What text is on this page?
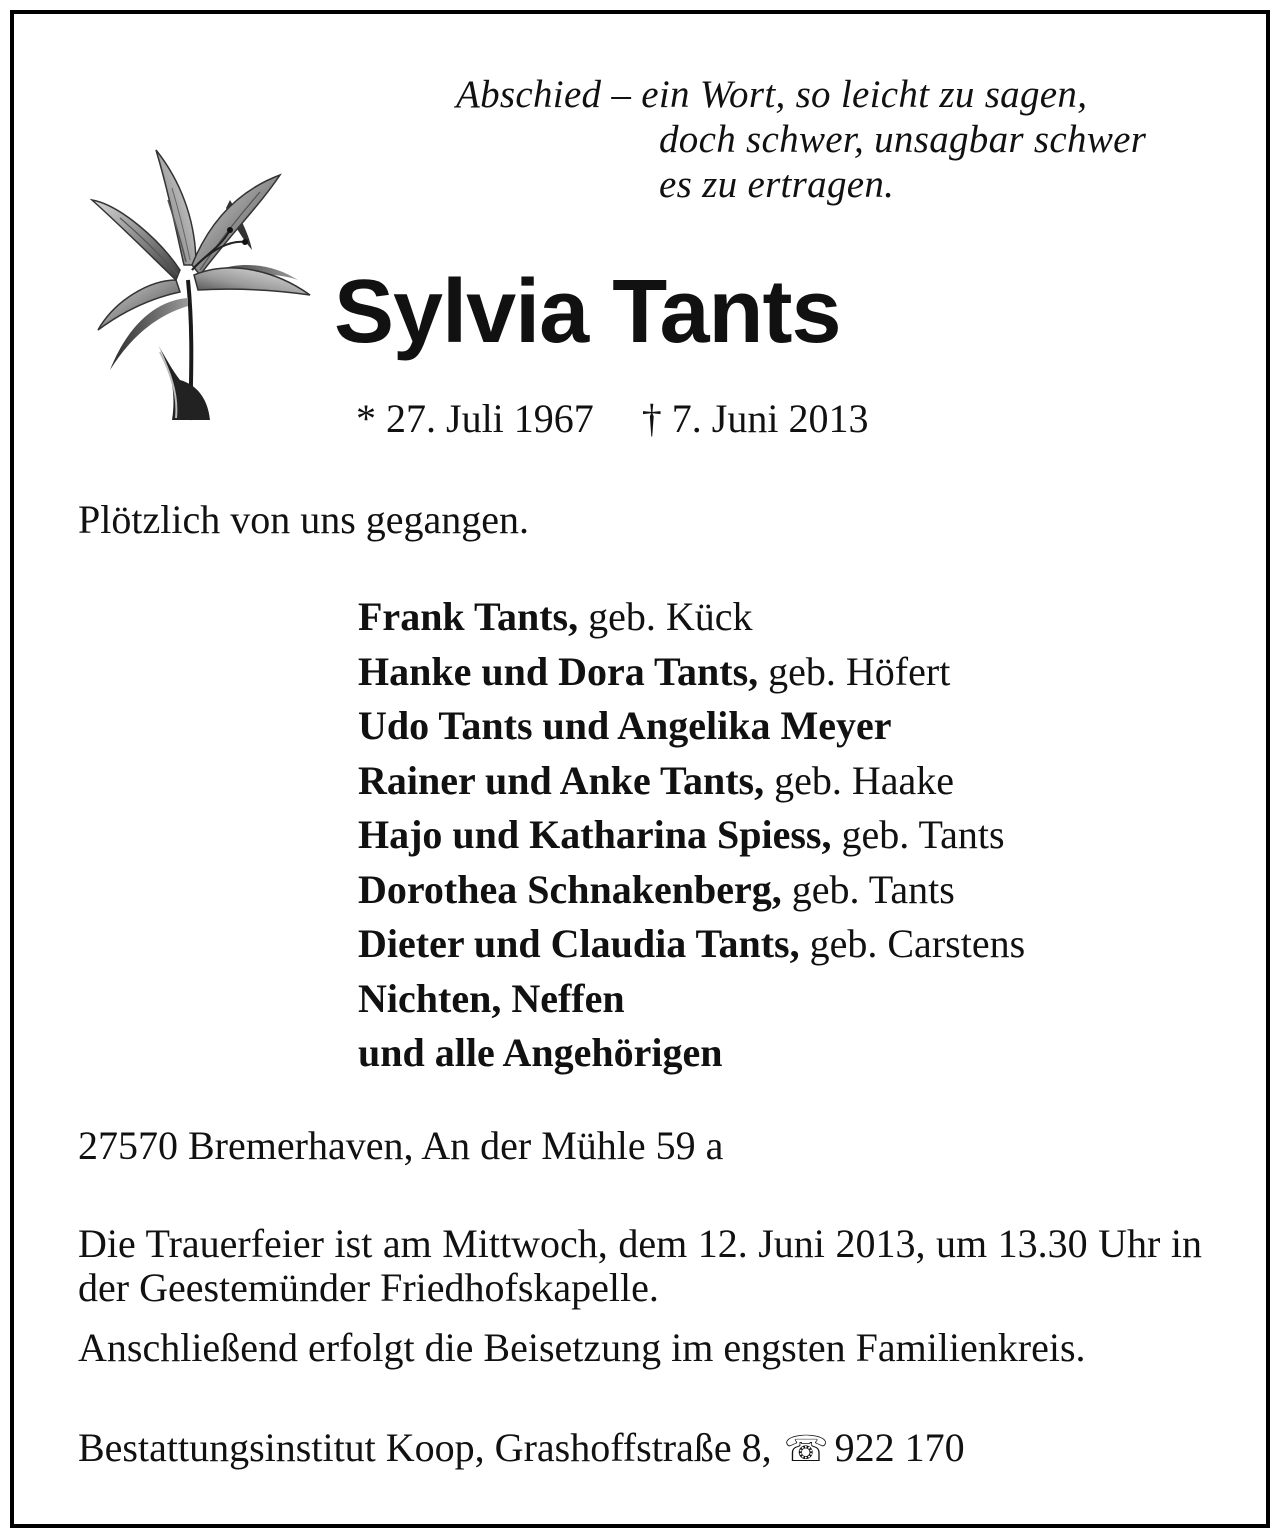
Abschied – ein Wort, so leicht zu sagen,
doch schwer, unsagbar schwer
es zu ertragen.
Sylvia Tants
* 27. Juli 1967 † 7. Juni 2013
Plötzlich von uns gegangen.
Frank Tants, geb. Kück
Hanke und Dora Tants, geb. Höfert
Udo Tants und Angelika Meyer
Rainer und Anke Tants, geb. Haake
Hajo und Katharina Spiess, geb. Tants
Dorothea Schnakenberg, geb. Tants
Dieter und Claudia Tants, geb. Carstens
Nichten, Neffen
und alle Angehörigen
27570 Bremerhaven, An der Mühle 59 a
Die Trauerfeier ist am Mittwoch, dem 12. Juni 2013, um 13.30 Uhr in der Geestemünder Friedhofskapelle.
Anschließend erfolgt die Beisetzung im engsten Familienkreis.
Bestattungsinstitut Koop, Grashoffstraße 8, ☏ 922 170
